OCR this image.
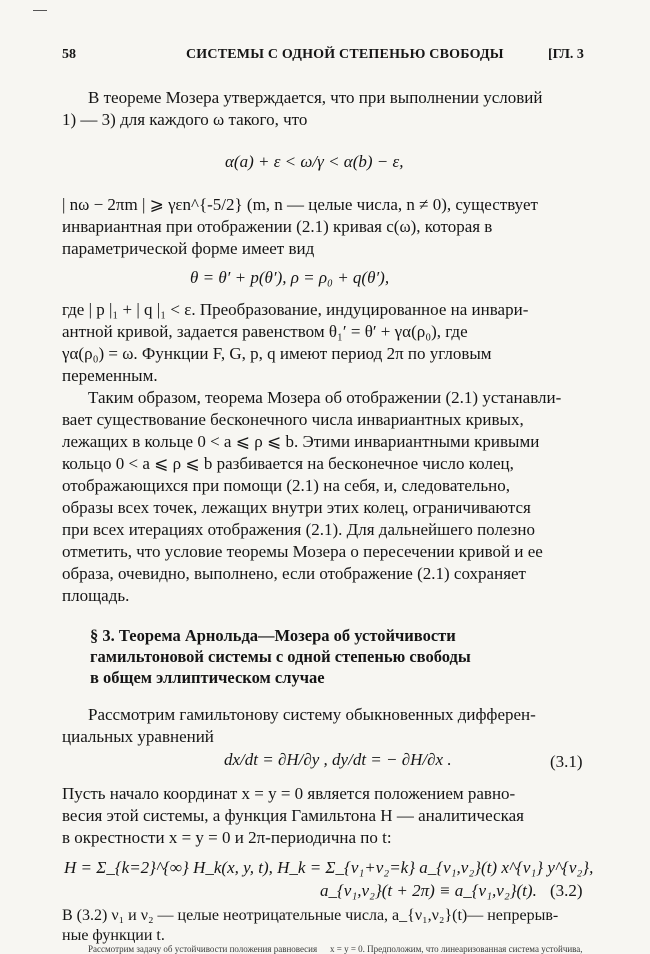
58	СИСТЕМЫ С ОДНОЙ СТЕПЕНЬЮ СВОБОДЫ	[ГЛ. 3
В теореме Мозера утверждается, что при выполнении условий
1) — 3) для каждого ω такого, что
α(a) + ε < ω/γ < α(b) − ε,
| nω − 2πm | ⩾ γεn^{-5/2} (m, n — целые числа, n ≠ 0), существует
инвариантная при отображении (2.1) кривая c(ω), которая в
параметрической форме имеет вид
θ = θ′ + p(θ′), ρ = ρ₀ + q(θ′),
где | p |₁ + | q |₁ < ε. Преобразование, индуцированное на инвари-
антной кривой, задается равенством θ₁′ = θ′ + γα(ρ₀), где
γα(ρ₀) = ω. Функции F, G, p, q имеют период 2π по угловым
переменным.
Таким образом, теорема Мозера об отображении (2.1) устанавли-
вает существование бесконечного числа инвариантных кривых,
лежащих в кольце 0 < a ⩽ ρ ⩽ b. Этими инвариантными кривыми
кольцо 0 < a ⩽ ρ ⩽ b разбивается на бесконечное число колец,
отображающихся при помощи (2.1) на себя, и, следовательно,
образы всех точек, лежащих внутри этих колец, ограничиваются
при всех итерациях отображения (2.1). Для дальнейшего полезно
отметить, что условие теоремы Мозера о пересечении кривой и ее
образа, очевидно, выполнено, если отображение (2.1) сохраняет
площадь.
§ 3. Теорема Арнольда—Мозера об устойчивости
гамильтоновой системы с одной степенью свободы
в общем эллиптическом случае
Рассмотрим гамильтонову систему обыкновенных дифферен-
циальных уравнений
dx/dt = ∂H/∂y , dy/dt = − ∂H/∂x .	(3.1)
Пусть начало координат x = y = 0 является положением равно-
весия этой системы, а функция Гамильтона H — аналитическая
в окрестности x = y = 0 и 2π-периодична по t:
H = Σ_{k=2}^{∞} H_k(x, y, t), H_k = Σ_{ν₁+ν₂=k} a_{ν₁,ν₂}(t) x^{ν₁} y^{ν₂},
a_{ν₁,ν₂}(t + 2π) ≡ a_{ν₁,ν₂}(t). (3.2)
В (3.2) ν₁ и ν₂ — целые неотрицательные числа, a_{ν₁,ν₂}(t)— непрерыв-
ные функции t.
Рассмотрим задачу об устойчивости положения равновесия	x = y = 0. Предположим, что линеаризованная система устойчива,
